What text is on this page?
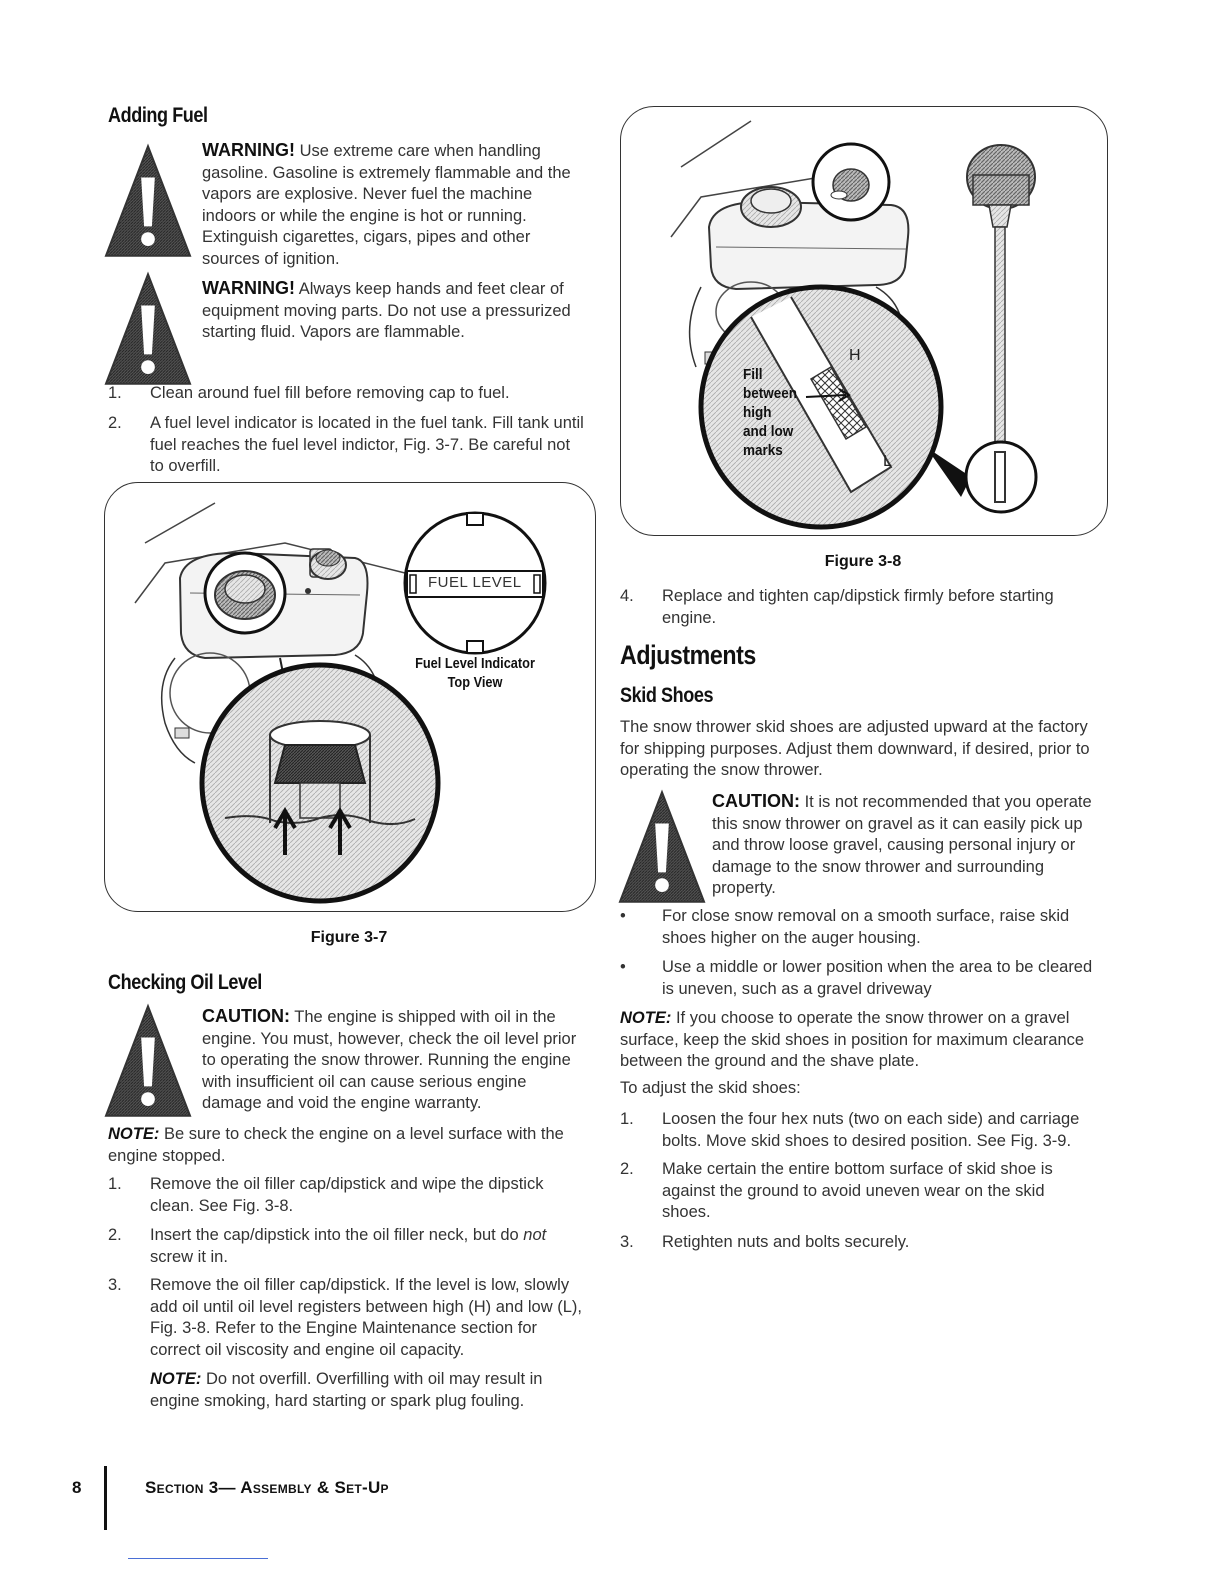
Adding Fuel
WARNING! Use extreme care when handling gasoline. Gasoline is extremely flammable and the vapors are explosive. Never fuel the machine indoors or while the engine is hot or running. Extinguish cigarettes, cigars, pipes and other sources of ignition.
WARNING! Always keep hands and feet clear of equipment moving parts. Do not use a pressurized starting fluid. Vapors are flammable.
1. Clean around fuel fill before removing cap to fuel.
2. A fuel level indicator is located in the fuel tank. Fill tank until fuel reaches the fuel level indictor, Fig. 3-7. Be careful not to overfill.
FUEL LEVEL
Fuel Level Indicator
Top View
Figure 3-7
Checking Oil Level
CAUTION: The engine is shipped with oil in the engine. You must, however, check the oil level prior to operating the snow thrower. Running the engine with insufficient oil can cause serious engine damage and void the engine warranty.
NOTE: Be sure to check the engine on a level surface with the engine stopped.
1. Remove the oil filler cap/dipstick and wipe the dipstick clean. See Fig. 3-8.
2. Insert the cap/dipstick into the oil filler neck, but do not screw it in.
3. Remove the oil filler cap/dipstick. If the level is low, slowly add oil until oil level registers between high (H) and low (L), Fig. 3-8. Refer to the Engine Maintenance section for correct oil viscosity and engine oil capacity.
NOTE: Do not overfill. Overfilling with oil may result in engine smoking, hard starting or spark plug fouling.
Fill
between
high
and low
marks
H
L
Figure 3-8
4. Replace and tighten cap/dipstick firmly before starting engine.
Adjustments
Skid Shoes
The snow thrower skid shoes are adjusted upward at the factory for shipping purposes. Adjust them downward, if desired, prior to operating the snow thrower.
CAUTION: It is not recommended that you operate this snow thrower on gravel as it can easily pick up and throw loose gravel, causing personal injury or damage to the snow thrower and surrounding property.
• For close snow removal on a smooth surface, raise skid shoes higher on the auger housing.
• Use a middle or lower position when the area to be cleared is uneven, such as a gravel driveway
NOTE: If you choose to operate the snow thrower on a gravel surface, keep the skid shoes in position for maximum clearance between the ground and the shave plate.
To adjust the skid shoes:
1. Loosen the four hex nuts (two on each side) and carriage bolts. Move skid shoes to desired position. See Fig. 3-9.
2. Make certain the entire bottom surface of skid shoe is against the ground to avoid uneven wear on the skid shoes.
3. Retighten nuts and bolts securely.
8	Section 3— Assembly & Set-Up
